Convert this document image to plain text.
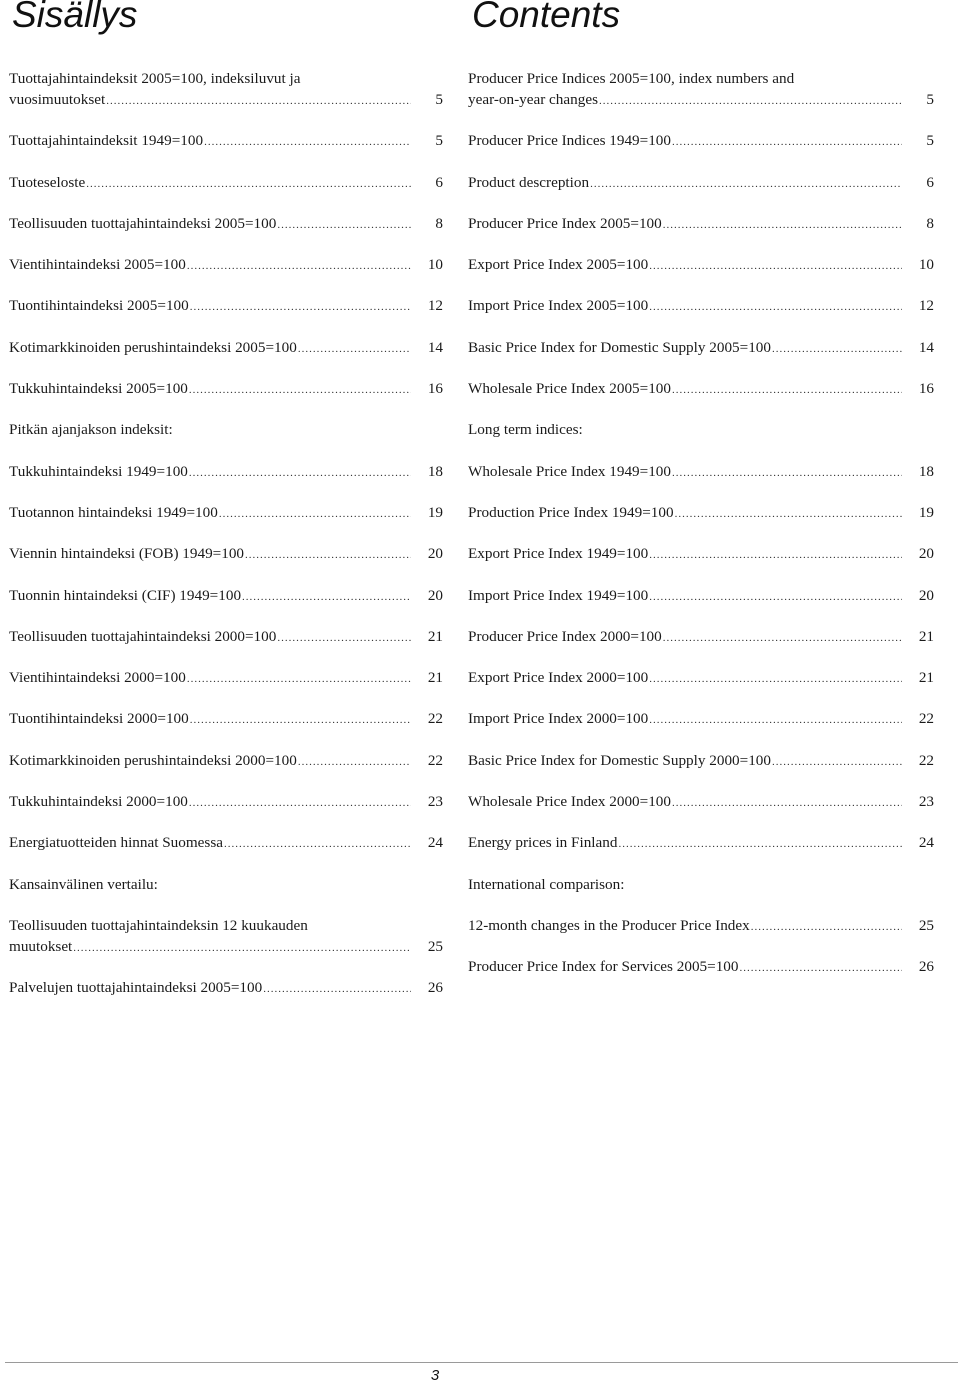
Sisällys
Tuottajahintaindeksit 2005=100, indeksiluvut ja
vuosimuutokset .....	5
Tuottajahintaindeksit 1949=100 .....	5
Tuoteseloste .....	6
Teollisuuden tuottajahintaindeksi 2005=100 .....	8
Vientihintaindeksi 2005=100 .....	10
Tuontihintaindeksi 2005=100 .....	12
Kotimarkkinoiden perushintaindeksi 2005=100 .....	14
Tukkuhintaindeksi 2005=100 .....	16
Pitkän ajanjakson indeksit:
Tukkuhintaindeksi 1949=100 .....	18
Tuotannon hintaindeksi 1949=100 .....	19
Viennin hintaindeksi (FOB) 1949=100 .....	20
Tuonnin hintaindeksi (CIF) 1949=100 .....	20
Teollisuuden tuottajahintaindeksi 2000=100 .....	21
Vientihintaindeksi 2000=100 .....	21
Tuontihintaindeksi 2000=100 .....	22
Kotimarkkinoiden perushintaindeksi 2000=100 .....	22
Tukkuhintaindeksi 2000=100 .....	23
Energiatuotteiden hinnat Suomessa .....	24
Kansainvälinen vertailu:
Teollisuuden tuottajahintaindeksin 12 kuukauden
muutokset .....	25
Palvelujen tuottajahintaindeksi 2005=100 .....	26
Contents
Producer Price Indices 2005=100, index numbers and
year-on-year changes .....	5
Producer Price Indices 1949=100 .....	5
Product descreption .....	6
Producer Price Index 2005=100 .....	8
Export Price Index 2005=100 .....	10
Import Price Index 2005=100 .....	12
Basic Price Index for Domestic Supply 2005=100 .....	14
Wholesale Price Index 2005=100 .....	16
Long term indices:
Wholesale Price Index 1949=100 .....	18
Production Price Index 1949=100 .....	19
Export Price Index 1949=100 .....	20
Import Price Index 1949=100 .....	20
Producer Price Index 2000=100 .....	21
Export Price Index 2000=100 .....	21
Import Price Index 2000=100 .....	22
Basic Price Index for Domestic Supply 2000=100 .....	22
Wholesale Price Index 2000=100 .....	23
Energy prices in Finland .....	24
International comparison:
12-month changes in the Producer Price Index .....	25
Producer Price Index for Services 2005=100 .....	26
3
